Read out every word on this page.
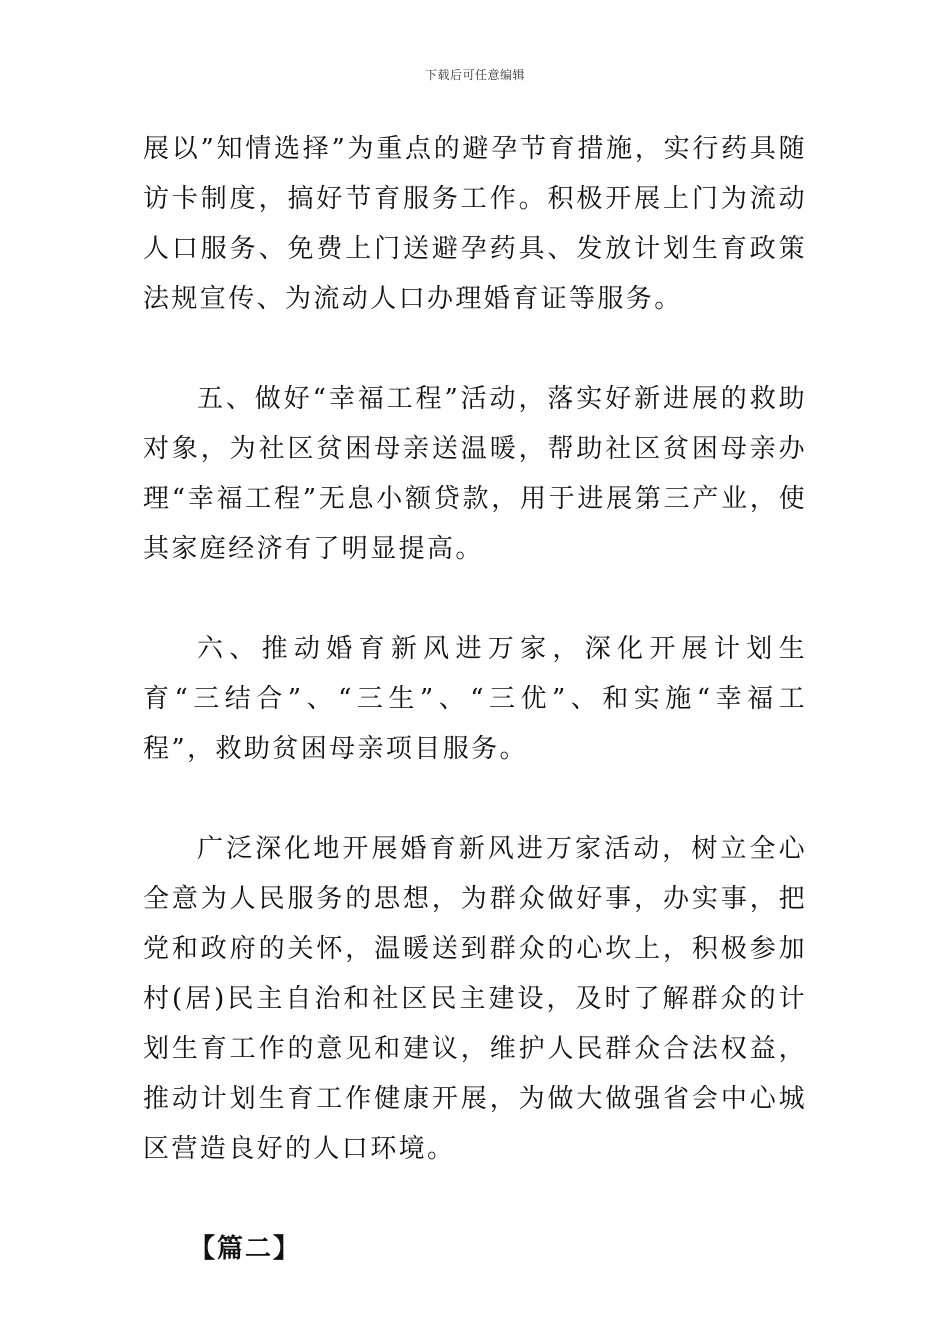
下载后可任意编辑

展以”知情选择”为重点的避孕节育措施，实行药具随访卡制度，搞好节育服务工作。积极开展上门为流动人口服务、免费上门送避孕药具、发放计划生育政策法规宣传、为流动人口办理婚育证等服务。

五、做好“幸福工程”活动，落实好新进展的救助对象，为社区贫困母亲送温暖，帮助社区贫困母亲办理“幸福工程”无息小额贷款，用于进展第三产业，使其家庭经济有了明显提高。

六、推动婚育新风进万家，深化开展计划生育“三结合”、“三生”、“三优”、和实施“幸福工程”，救助贫困母亲项目服务。

广泛深化地开展婚育新风进万家活动，树立全心全意为人民服务的思想，为群众做好事，办实事，把党和政府的关怀，温暖送到群众的心坎上，积极参加村(居)民主自治和社区民主建设，及时了解群众的计划生育工作的意见和建议，维护人民群众合法权益，推动计划生育工作健康开展，为做大做强省会中心城区营造良好的人口环境。

【篇二】
